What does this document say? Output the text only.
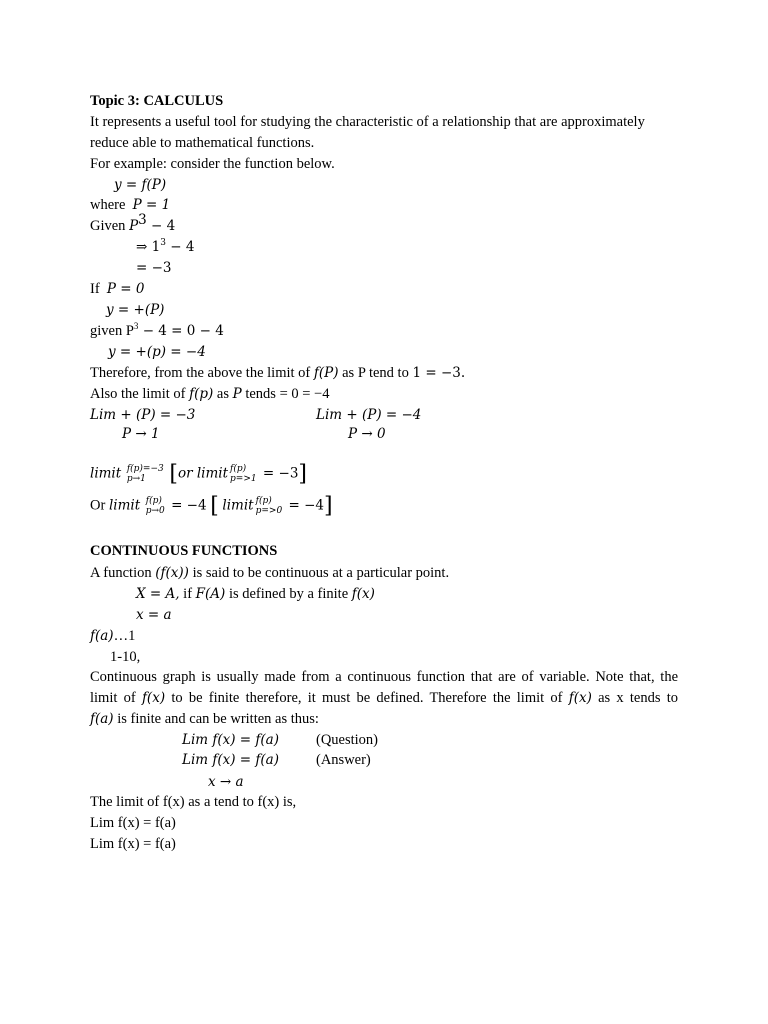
Topic 3: CALCULUS
It represents a useful tool for studying the characteristic of a relationship that are approximately
reduce able to mathematical functions.
For example: consider the function below.
y = f(P)
where P = 1
Given $P^3 - 4$
⇒ $1^3 - 4$
= −3
If P = 0
y = +(P)
given $P^3 - 4 = 0 - 4$
y = +(p) = −4
Therefore, from the above the limit of f(P) as P tend to 1 = −3.
Also the limit of f(p) as P tends = 0 = −4
Lim + (P) = −3	Lim + (P) = −4
P → 1	P → 0
limit f(p)=−3
p→1	[or limit f(p)
p=>1 = −3]
Or limit f(p)
p→0 = −4 [ limit f(p)
p=>0 = −4]
CONTINUOUS FUNCTIONS
A function (f(x)) is said to be continuous at a particular point.
X = A, if F(A) is defined by a finite f(x)
x = a
f(a)…1
1-10,
Continuous graph is usually made from a continuous function that are of variable. Note that, the
limit of f(x) to be finite therefore, it must be defined. Therefore the limit of f(x) as x tends to
f(a) is finite and can be written as thus:
Lim f(x) = f(a)	(Question)
Lim f(x) = f(a)	(Answer)
x → a
The limit of f(x) as a tend to f(x) is,
Lim f(x) = f(a)
Lim f(x) = f(a)
